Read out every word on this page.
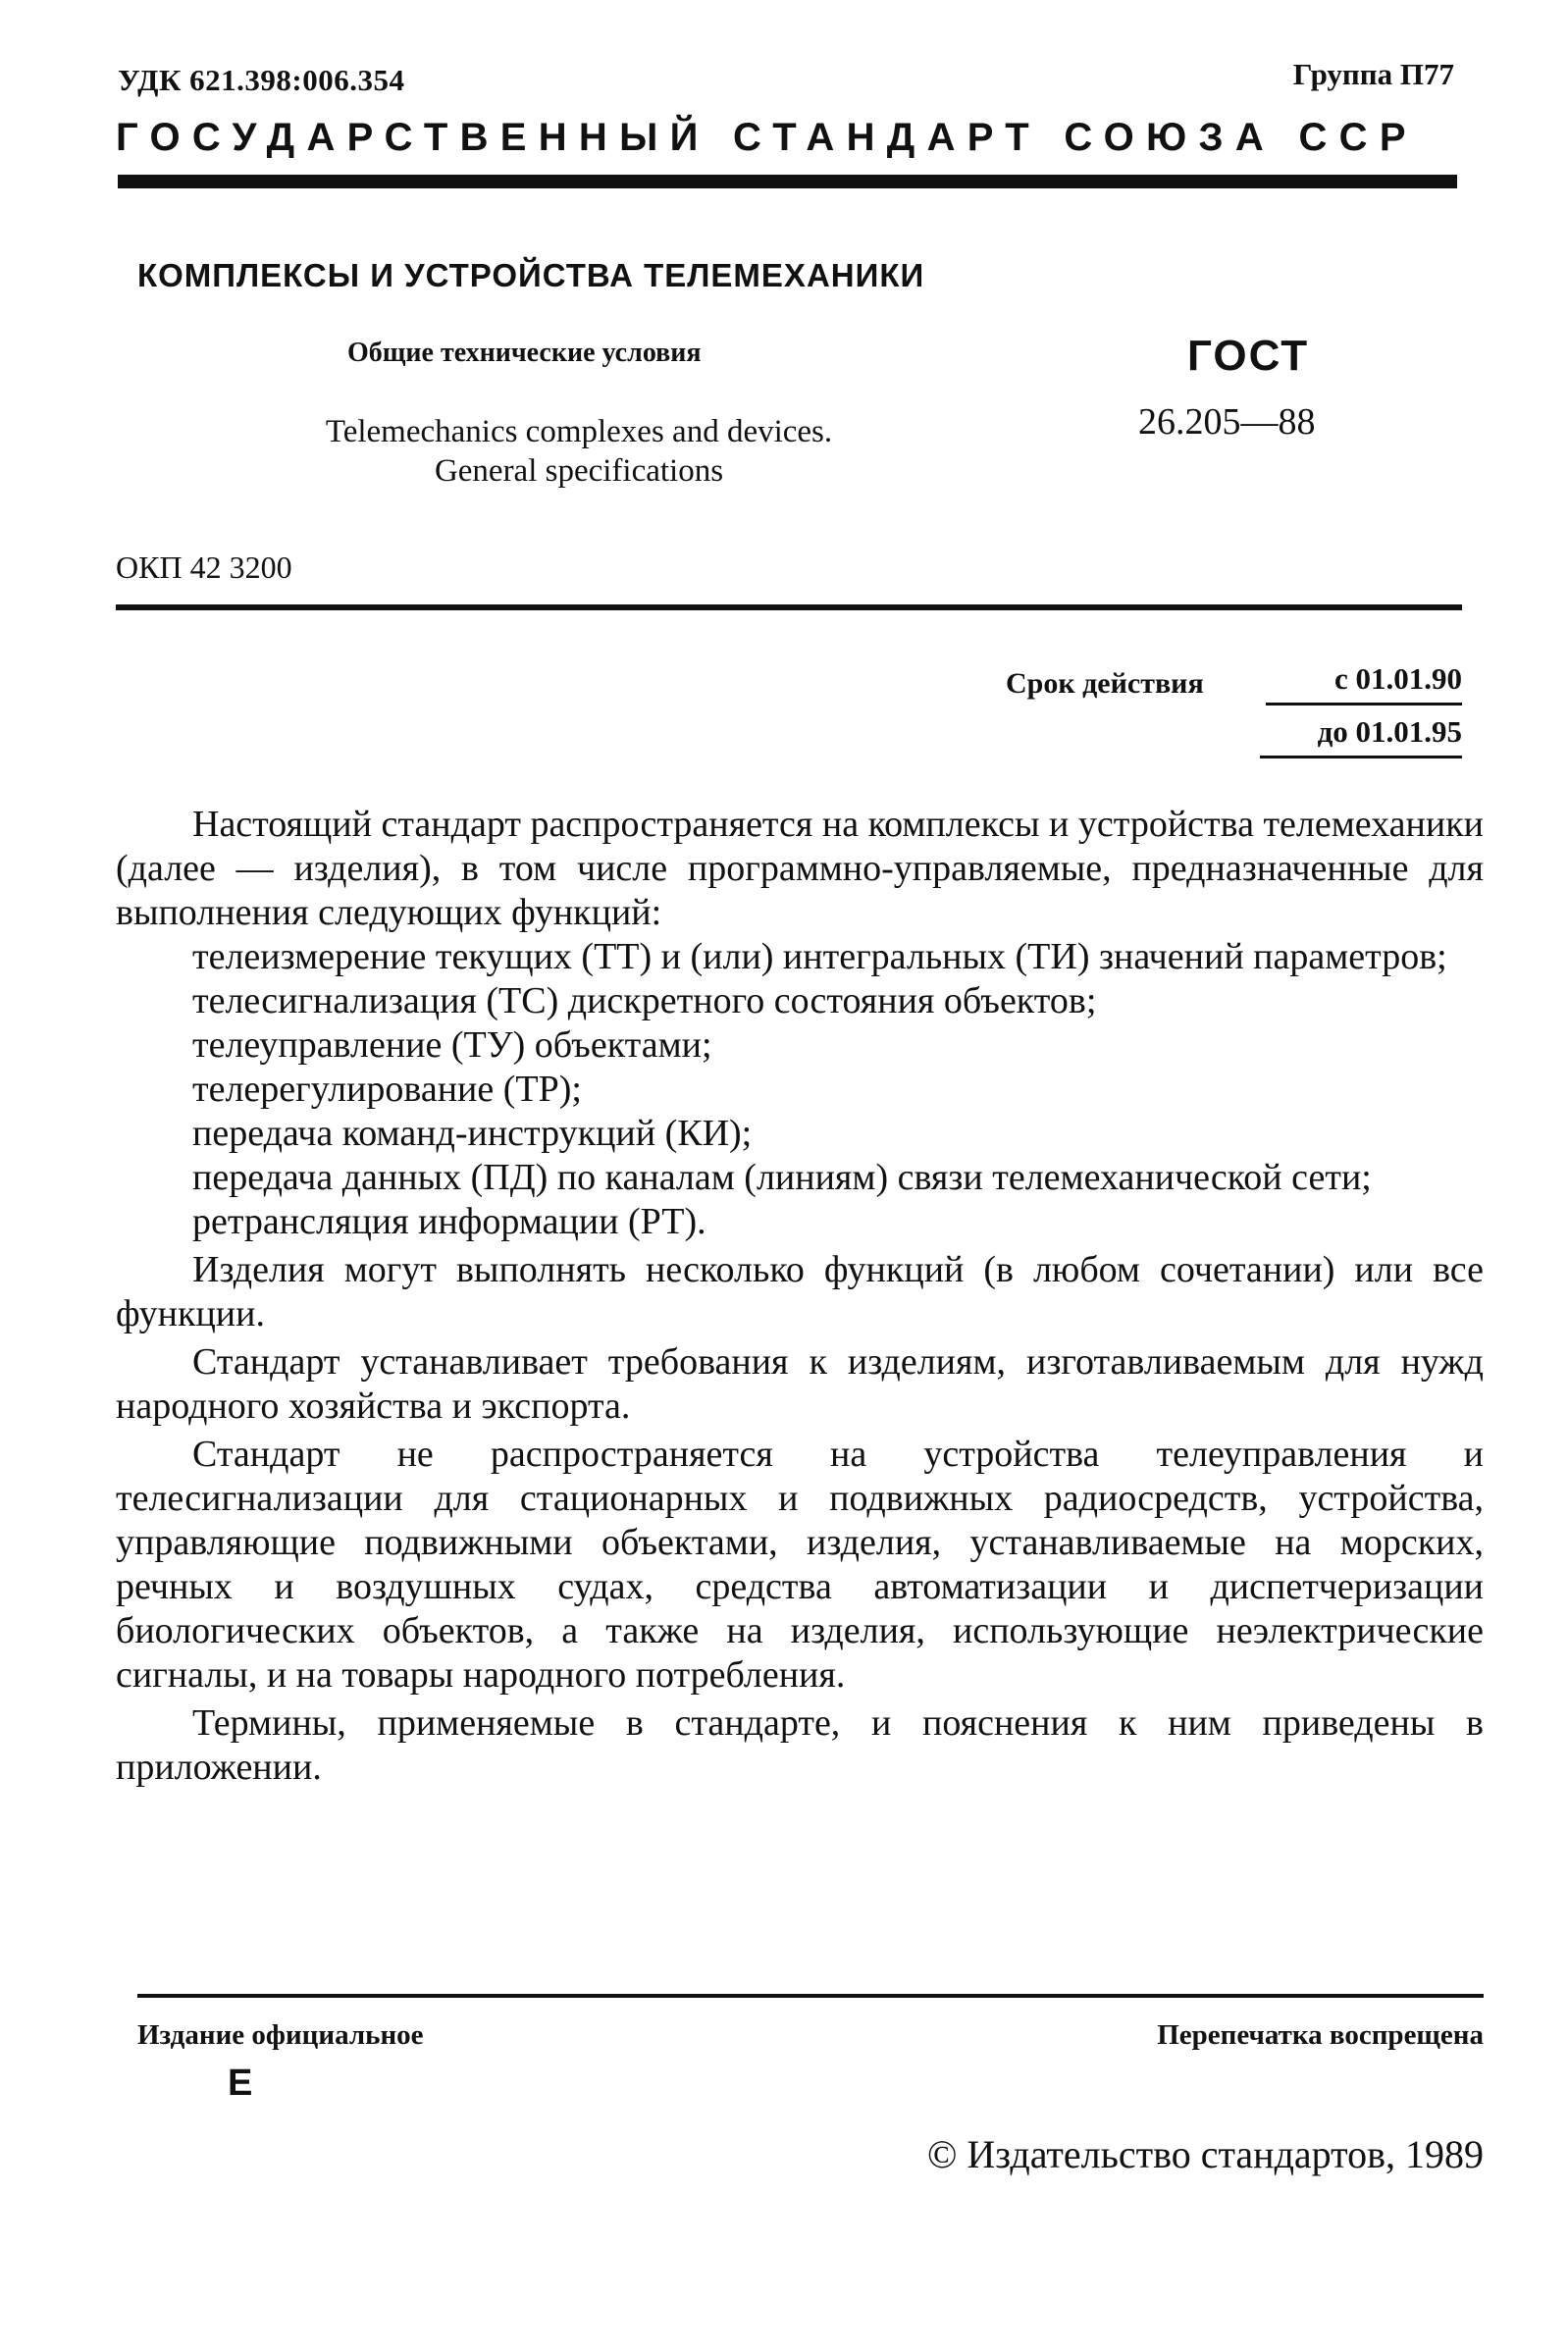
УДК 621.398:006.354	Группа П77
ГОСУДАРСТВЕННЫЙ СТАНДАРТ СОЮЗА ССР
КОМПЛЕКСЫ И УСТРОЙСТВА ТЕЛЕМЕХАНИКИ
Общие технические условия
Telemechanics complexes and devices.
General specifications
ГОСТ
26.205—88
ОКП 42 3200
Срок действия	с 01.01.90
до 01.01.95

Настоящий стандарт распространяется на комплексы и устройства телемеханики (далее — изделия), в том числе программно-управляемые, предназначенные для выполнения следующих функций:

телеизмерение текущих (ТТ) и (или) интегральных (ТИ) значений параметров;

телесигнализация (ТС) дискретного состояния объектов;

телеуправление (ТУ) объектами;

телерегулирование (ТР);

передача команд-инструкций (КИ);

передача данных (ПД) по каналам (линиям) связи телемеханической сети;

ретрансляция информации (РТ).

Изделия могут выполнять несколько функций (в любом сочетании) или все функции.

Стандарт устанавливает требования к изделиям, изготавливаемым для нужд народного хозяйства и экспорта.

Стандарт не распространяется на устройства телеуправления и телесигнализации для стационарных и подвижных радиосредств, устройства, управляющие подвижными объектами, изделия, устанавливаемые на морских, речных и воздушных судах, средства автоматизации и диспетчеризации биологических объектов, а также на изделия, использующие неэлектрические сигналы, и на товары народного потребления.

Термины, применяемые в стандарте, и пояснения к ним приведены в приложении.

Издание официальное
Е
Перепечатка воспрещена
© Издательство стандартов, 1989
